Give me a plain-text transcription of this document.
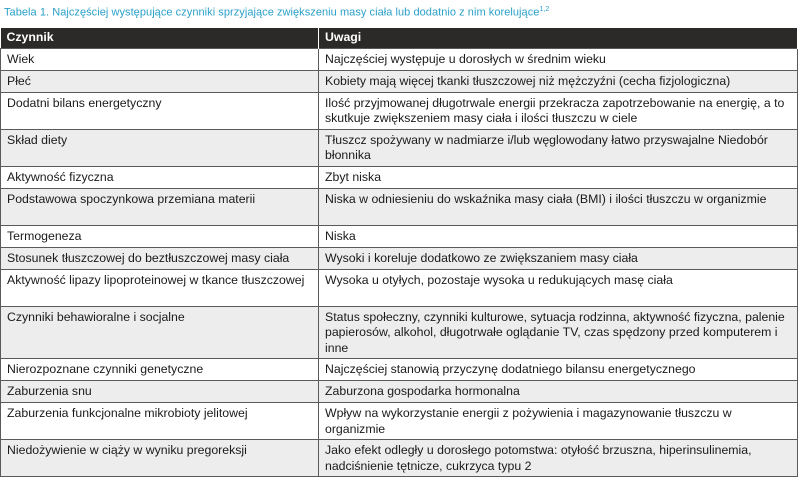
Tabela 1. Najczęściej występujące czynniki sprzyjające zwiększeniu masy ciała lub dodatnio z nim korelujące$^{1,2}$
Czynnik	Uwagi
Wiek	Najczęściej występuje u dorosłych w średnim wieku
Płeć	Kobiety mają więcej tkanki tłuszczowej niż mężczyźni (cecha fizjologiczna)
Dodatni bilans energetyczny	Ilość przyjmowanej długotrwale energii przekracza zapotrzebowanie na energię, a to skutkuje zwiększeniem masy ciała i ilości tłuszczu w ciele
Skład diety	Tłuszcz spożywany w nadmiarze i/lub węglowodany łatwo przyswajalne Niedobór błonnika
Aktywność fizyczna	Zbyt niska
Podstawowa spoczynkowa przemiana materii	Niska w odniesieniu do wskaźnika masy ciała (BMI) i ilości tłuszczu w organizmie
Termogeneza	Niska
Stosunek tłuszczowej do beztłuszczowej masy ciała	Wysoki i koreluje dodatkowo ze zwiększaniem masy ciała
Aktywność lipazy lipoproteinowej w tkance tłuszczowej	Wysoka u otyłych, pozostaje wysoka u redukujących masę ciała
Czynniki behawioralne i socjalne	Status społeczny, czynniki kulturowe, sytuacja rodzinna, aktywność fizyczna, palenie papierosów, alkohol, długotrwałe oglądanie TV, czas spędzony przed komputerem i inne
Nierozpoznane czynniki genetyczne	Najczęściej stanowią przyczynę dodatniego bilansu energetycznego
Zaburzenia snu	Zaburzona gospodarka hormonalna
Zaburzenia funkcjonalne mikrobioty jelitowej	Wpływ na wykorzystanie energii z pożywienia i magazynowanie tłuszczu w organizmie
Niedożywienie w ciąży w wyniku pregoreksji	Jako efekt odległy u dorosłego potomstwa: otyłość brzuszna, hiperinsulinemia, nadciśnienie tętnicze, cukrzyca typu 2
